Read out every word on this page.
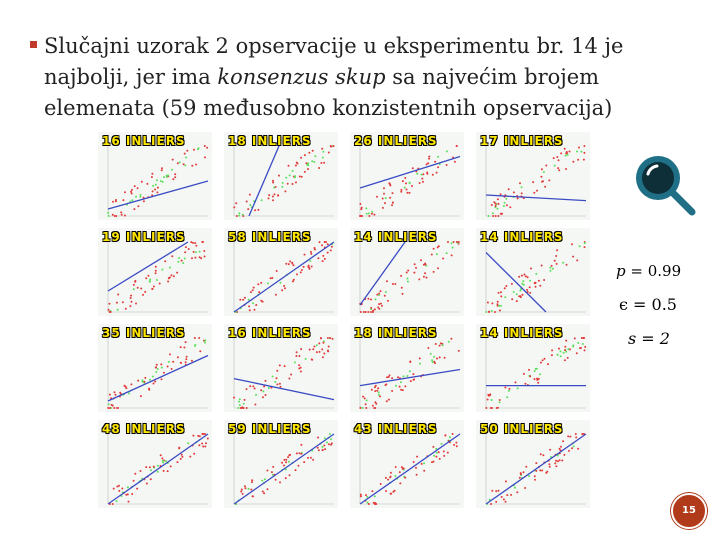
Slučajni uzorak 2 opservacije u eksperimentu br. 14 je najbolji, jer ima konsenzus skup sa najvećim brojem elemenata (59 međusobno konzistentnih opservacija)
16 INLIERS	18 INLIERS	26 INLIERS	17 INLIERS
19 INLIERS	58 INLIERS	14 INLIERS	14 INLIERS
35 INLIERS	16 INLIERS	18 INLIERS	14 INLIERS
48 INLIERS	59 INLIERS	43 INLIERS	50 INLIERS
p = 0.99
ϵ = 0.5
s = 2
15
